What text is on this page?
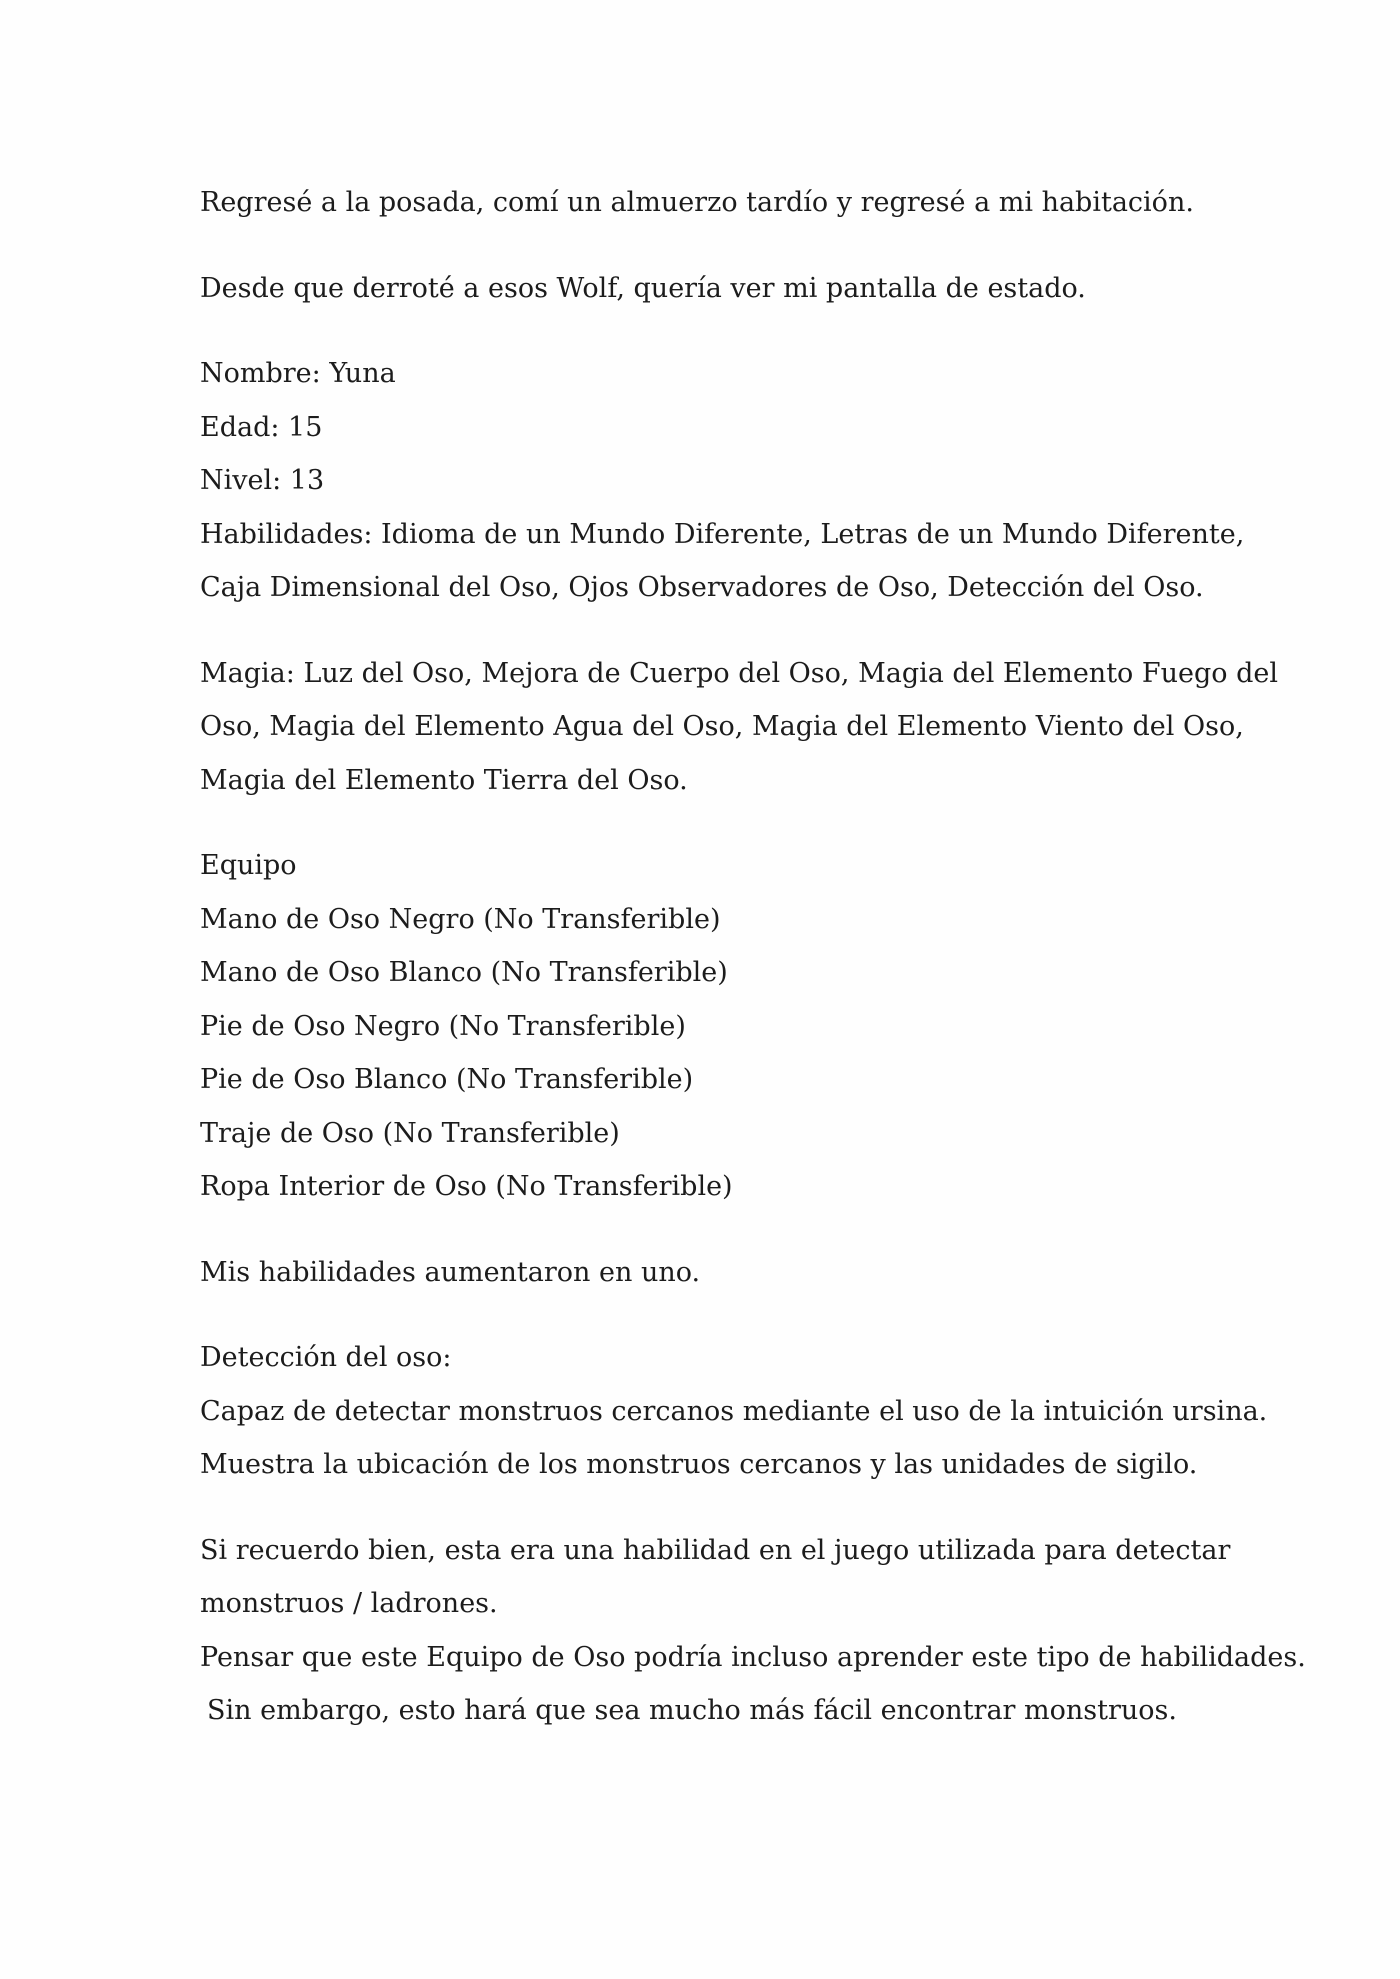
Regresé a la posada, comí un almuerzo tardío y regresé a mi habitación.
Desde que derroté a esos Wolf, quería ver mi pantalla de estado.
Nombre: Yuna
Edad: 15
Nivel: 13
Habilidades: Idioma de un Mundo Diferente, Letras de un Mundo Diferente,
Caja Dimensional del Oso, Ojos Observadores de Oso, Detección del Oso.
Magia: Luz del Oso, Mejora de Cuerpo del Oso, Magia del Elemento Fuego del
Oso, Magia del Elemento Agua del Oso, Magia del Elemento Viento del Oso,
Magia del Elemento Tierra del Oso.
Equipo
Mano de Oso Negro (No Transferible)
Mano de Oso Blanco (No Transferible)
Pie de Oso Negro (No Transferible)
Pie de Oso Blanco (No Transferible)
Traje de Oso (No Transferible)
Ropa Interior de Oso (No Transferible)
Mis habilidades aumentaron en uno.
Detección del oso:
Capaz de detectar monstruos cercanos mediante el uso de la intuición ursina.
Muestra la ubicación de los monstruos cercanos y las unidades de sigilo.
Si recuerdo bien, esta era una habilidad en el juego utilizada para detectar
monstruos / ladrones.
Pensar que este Equipo de Oso podría incluso aprender este tipo de habilidades.
Sin embargo, esto hará que sea mucho más fácil encontrar monstruos.
